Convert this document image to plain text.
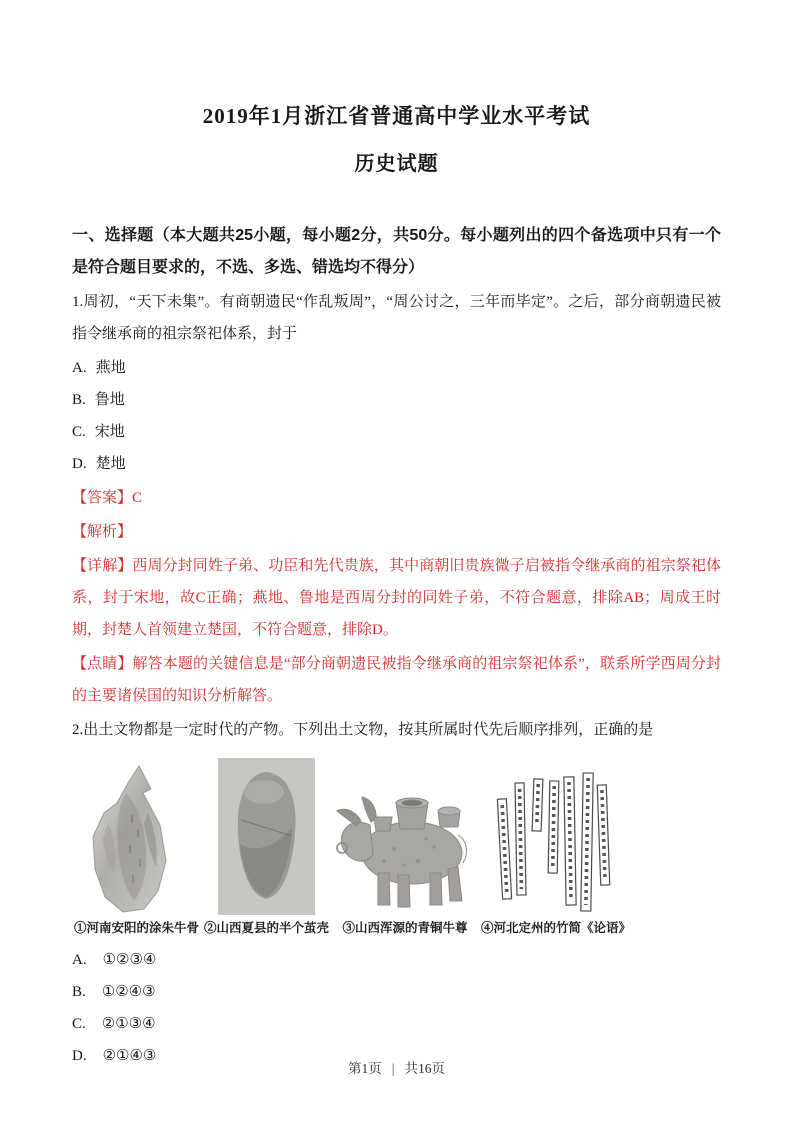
2019年1月浙江省普通高中学业水平考试
历史试题

一、选择题（本大题共25小题，每小题2分，共50分。每小题列出的四个备选项中只有一个是符合题目要求的，不选、多选、错选均不得分）

1.周初，“天下未集”。有商朝遗民“作乱叛周”，“周公讨之，三年而毕定”。之后，部分商朝遗民被指令继承商的祖宗祭祀体系，封于

A. 燕地
B. 鲁地
C. 宋地
D. 楚地

【答案】C

【解析】

【详解】西周分封同姓子弟、功臣和先代贵族，其中商朝旧贵族微子启被指令继承商的祖宗祭祀体系，封于宋地，故C正确；燕地、鲁地是西周分封的同姓子弟，不符合题意，排除AB；周成王时期，封楚人首领建立楚国，不符合题意，排除D。

【点睛】解答本题的关键信息是“部分商朝遗民被指令继承商的祖宗祭祀体系”，联系所学西周分封的主要诸侯国的知识分析解答。

2.出土文物都是一定时代的产物。下列出土文物，按其所属时代先后顺序排列，正确的是

①河南安阳的涂朱牛骨 ②山西夏县的半个茧壳 ③山西浑源的青铜牛尊 ④河北定州的竹简《论语》
A. ①②③④
B. ①②④③
C. ②①③④
D. ②①④③
第1页 | 共16页
